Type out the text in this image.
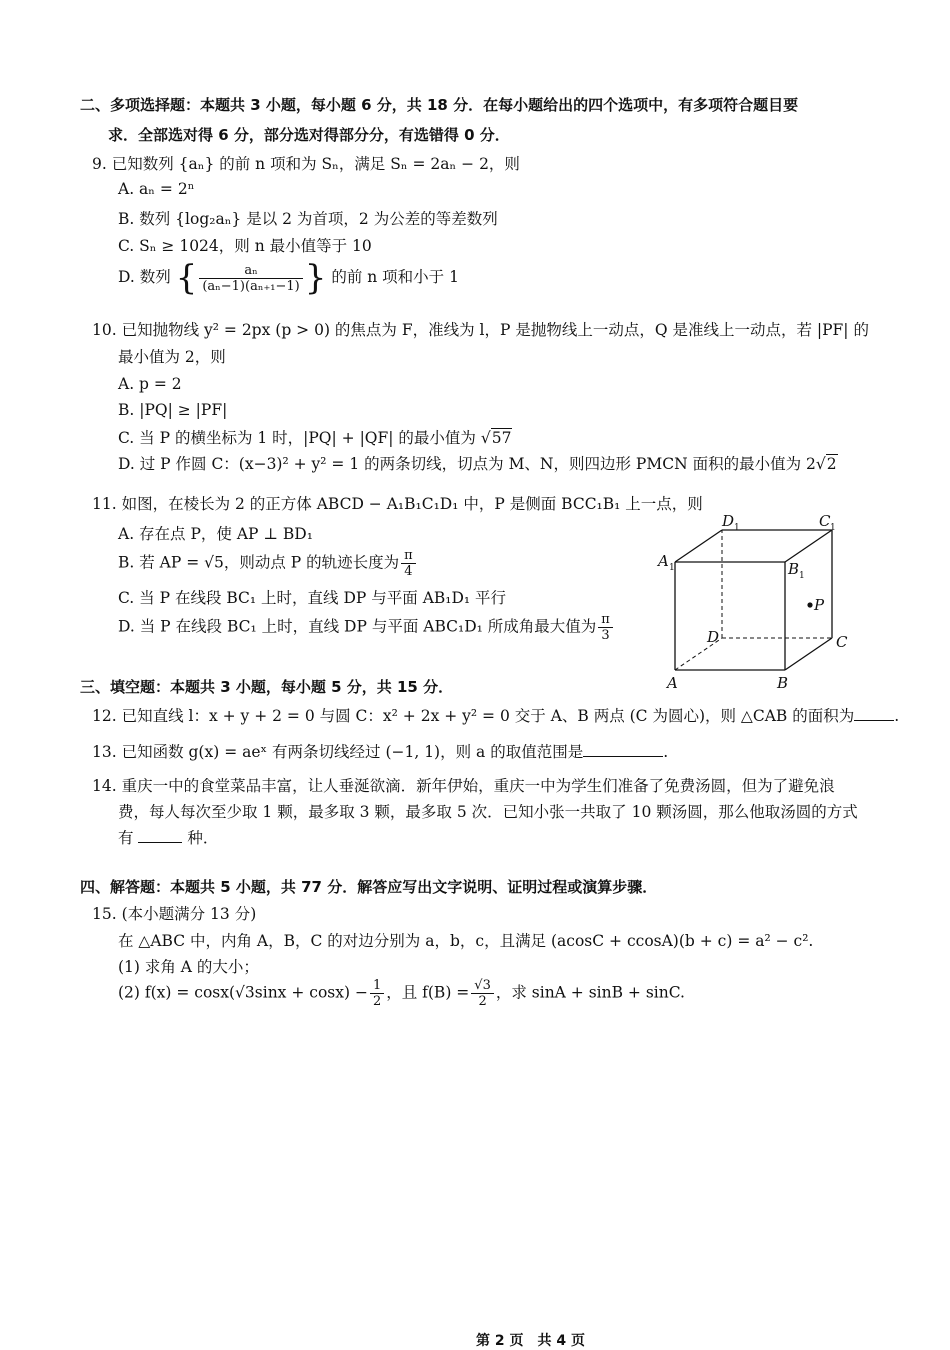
二、多项选择题：本题共 3 小题，每小题 6 分，共 18 分．在每小题给出的四个选项中，有多项符合题目要
求．全部选对得 6 分，部分选对得部分分，有选错得 0 分．
9. 已知数列 {aₙ} 的前 n 项和为 Sₙ，满足 Sₙ = 2aₙ − 2，则
A. aₙ = 2ⁿ
B. 数列 {log₂aₙ} 是以 2 为首项，2 为公差的等差数列
C. Sₙ ≥ 1024，则 n 最小值等于 10
D. 数列 { $\frac{\text{aₙ}}{\text{(aₙ−1)(aₙ₊₁−1)}}$ } 的前 n 项和小于 1
10. 已知抛物线 y² = 2px (p > 0) 的焦点为 F，准线为 l，P 是抛物线上一动点，Q 是准线上一动点，若 |PF| 的
最小值为 2，则
A. p = 2
B. |PQ| ≥ |PF|
C. 当 P 的横坐标为 1 时，|PQ| + |QF| 的最小值为 √57
D. 过 P 作圆 C：(x−3)² + y² = 1 的两条切线，切点为 M、N，则四边形 PMCN 面积的最小值为 2√2
11. 如图，在棱长为 2 的正方体 ABCD − A₁B₁C₁D₁ 中，P 是侧面 BCC₁B₁ 上一点，则
A. 存在点 P，使 AP ⊥ BD₁
B. 若 AP = √5，则动点 P 的轨迹长度为 $\frac{\pi}{4}$
C. 当 P 在线段 BC₁ 上时，直线 DP 与平面 AB₁D₁ 平行
D. 当 P 在线段 BC₁ 上时，直线 DP 与平面 ABC₁D₁ 所成角最大值为 $\frac{\pi}{3}$
A	B
C
D
A 1	B 1
C 1
D 1
P
三、填空题：本题共 3 小题，每小题 5 分，共 15 分．
12. 已知直线 l：x + y + 2 = 0 与圆 C：x² + 2x + y² = 0 交于 A、B 两点 (C 为圆心)，则 △CAB 的面积为	.
13. 已知函数 g(x) = aeˣ 有两条切线经过 (−1, 1)，则 a 的取值范围是	.
14. 重庆一中的食堂菜品丰富，让人垂涎欲滴．新年伊始，重庆一中为学生们准备了免费汤圆，但为了避免浪
费，每人每次至少取 1 颗，最多取 3 颗，最多取 5 次．已知小张一共取了 10 颗汤圆，那么他取汤圆的方式
有	种．
四、解答题：本题共 5 小题，共 77 分．解答应写出文字说明、证明过程或演算步骤．
15. (本小题满分 13 分)
在 △ABC 中，内角 A，B，C 的对边分别为 a，b，c，且满足 (acosC + ccosA)(b + c) = a² − c².
(1) 求角 A 的大小；
(2) $f(x) = \cos x(√3\sin x + \cos x) - \frac{1}{2}$ ，且 $f(B) = \frac{√3}{2}$ ，求 sinA + sinB + sinC.
第 2 页　共 4 页
